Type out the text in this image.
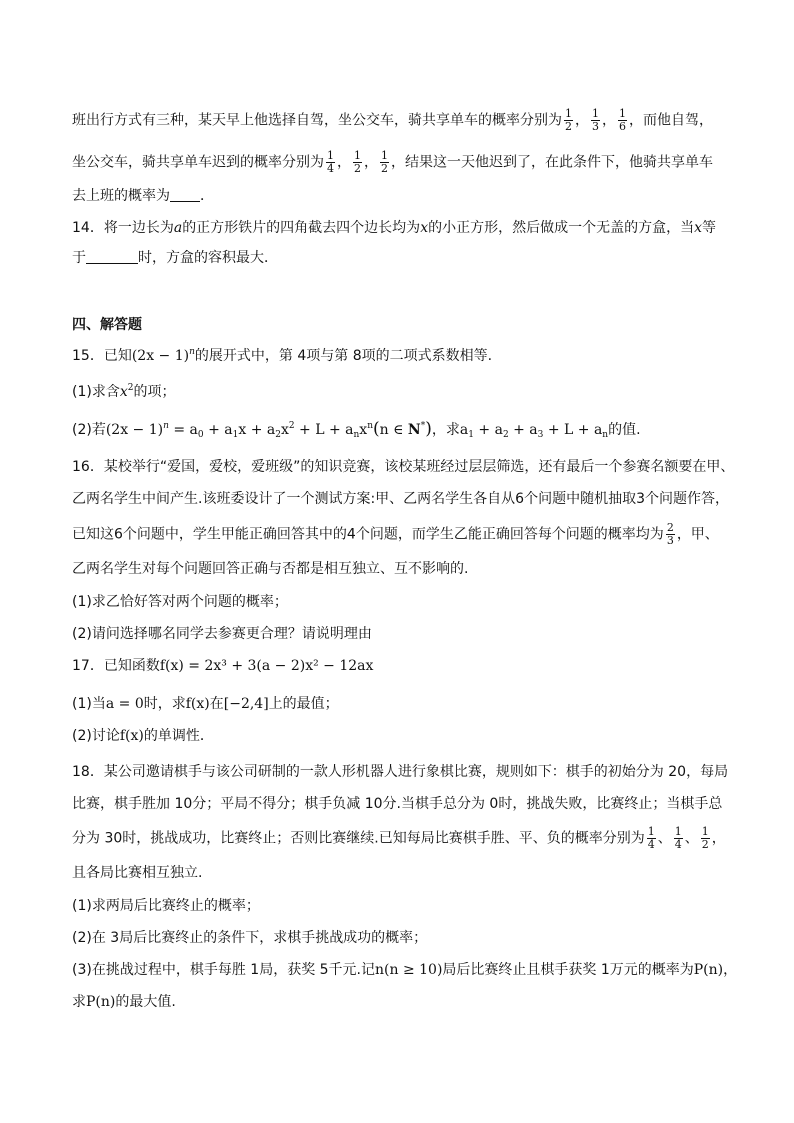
班出行方式有三种，某天早上他选择自驾，坐公交车，骑共享单车的概率分别为 $\frac{1}{2}$ ， $\frac{1}{3}$ ， $\frac{1}{6}$ ，而他自驾，
坐公交车，骑共享单车迟到的概率分别为 $\frac{1}{4}$ ， $\frac{1}{2}$ ， $\frac{1}{2}$ ，结果这一天他迟到了，在此条件下，他骑共享单车
去上班的概率为 ．
14．将一边长为a的正方形铁片的四角截去四个边长均为x的小正方形，然后做成一个无盖的方盒，当x等
于	时，方盒的容积最大．
四、解答题
15．已知$(2x - 1)^n$的展开式中，第 4项与第 8项的二项式系数相等.
(1)求含$x^2$的项；
(2)若$(2x - 1)^n = a_0 + a_1x + a_2x^2 + L + a_nx^n(n$ ∈ N*)，求$a_1 + a_2 + a_3 + L + a_n$的值.
16．某校举行“爱国，爱校，爱班级”的知识竞赛，该校某班经过层层筛选，还有最后一个参赛名额要在甲、
乙两名学生中间产生.该班委设计了一个测试方案:甲、乙两名学生各自从6个问题中随机抽取3个问题作答，
已知这6个问题中，学生甲能正确回答其中的4个问题，而学生乙能正确回答每个问题的概率均为 $\frac{2}{3}$ ，甲、
乙两名学生对每个问题回答正确与否都是相互独立、互不影响的.
(1)求乙恰好答对两个问题的概率；
(2)请问选择哪名同学去参赛更合理？请说明理由
17．已知函数f(x) = 2x³ + 3(a − 2)x² − 12ax
(1)当a = 0时，求f(x)在[−2,4]上的最值；
(2)讨论f(x)的单调性．
18．某公司邀请棋手与该公司研制的一款人形机器人进行象棋比赛，规则如下：棋手的初始分为 20，每局
比赛，棋手胜加 10分；平局不得分；棋手负减 10分.当棋手总分为 0时，挑战失败，比赛终止；当棋手总
分为 30时，挑战成功，比赛终止；否则比赛继续.已知每局比赛棋手胜、平、负的概率分别为 $\frac{1}{4}$ 、 $\frac{1}{4}$ 、 $\frac{1}{2}$ ，
且各局比赛相互独立.
(1)求两局后比赛终止的概率；
(2)在 3局后比赛终止的条件下，求棋手挑战成功的概率；
(3)在挑战过程中，棋手每胜 1局，获奖 5千元.记n(n ≥ 10)局后比赛终止且棋手获奖 1万元的概率为P(n)，
求P(n)的最大值.
